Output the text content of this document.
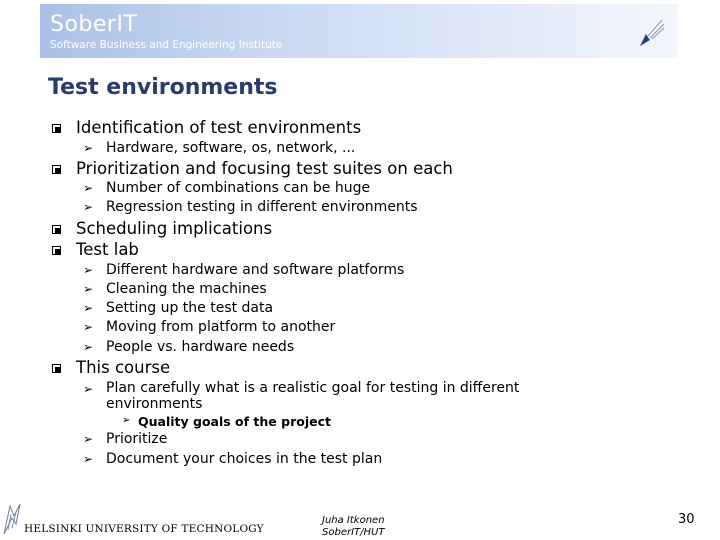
SoberIT
Software Business and Engineering Institute
Test environments
Identification of test environments
➢ Hardware, software, os, network, ...
Prioritization and focusing test suites on each
➢ Number of combinations can be huge
➢ Regression testing in different environments
Scheduling implications
Test lab
➢ Different hardware and software platforms
➢ Cleaning the machines
➢ Setting up the test data
➢ Moving from platform to another
➢ People vs. hardware needs
This course
➢ Plan carefully what is a realistic goal for testing in different environments
➢ Quality goals of the project
➢ Prioritize
➢ Document your choices in the test plan
HELSINKI UNIVERSITY OF TECHNOLOGY
Juha Itkonen
SoberIT/HUT
30
